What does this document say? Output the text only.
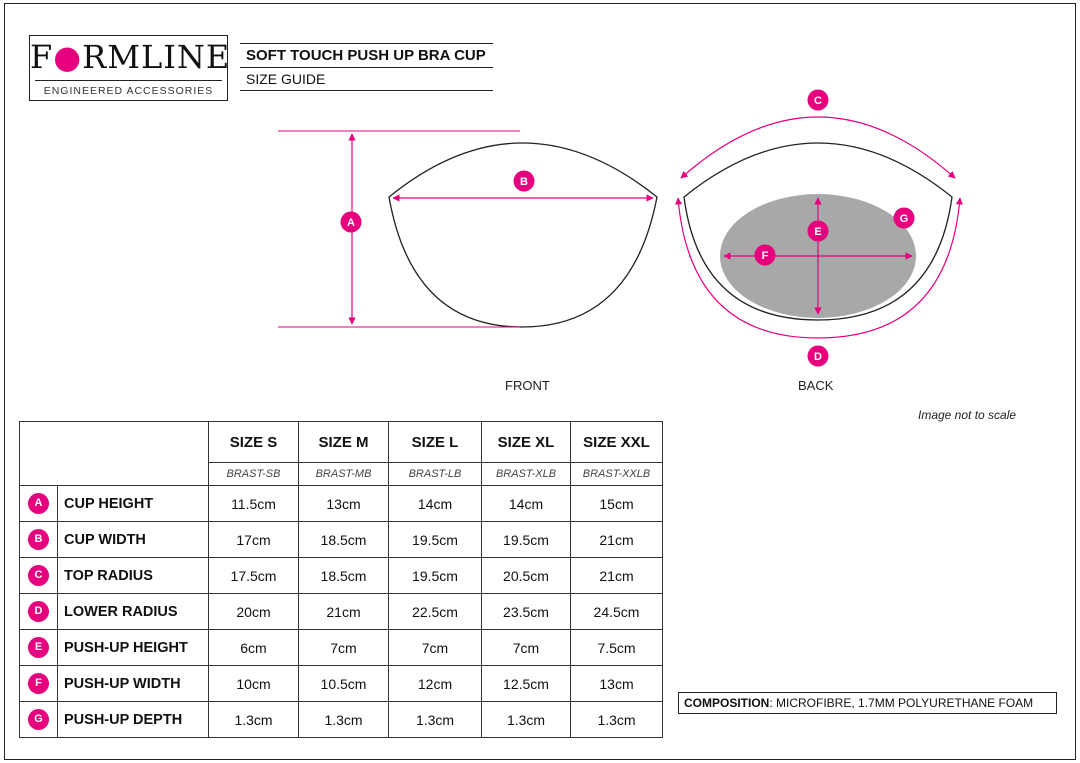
F●RMLINE
ENGINEERED ACCESSORIES
SOFT TOUCH PUSH UP BRA CUP
SIZE GUIDE
A
B
C
D
E
F
G
FRONT	BACK
Image not to scale
		SIZE S	SIZE M	SIZE L	SIZE XL	SIZE XXL
		BRAST-SB	BRAST-MB	BRAST-LB	BRAST-XLB	BRAST-XXLB
A	CUP HEIGHT	11.5cm	13cm	14cm	14cm	15cm
B	CUP WIDTH	17cm	18.5cm	19.5cm	19.5cm	21cm
C	TOP RADIUS	17.5cm	18.5cm	19.5cm	20.5cm	21cm
D	LOWER RADIUS	20cm	21cm	22.5cm	23.5cm	24.5cm
E	PUSH-UP HEIGHT	6cm	7cm	7cm	7cm	7.5cm
F	PUSH-UP WIDTH	10cm	10.5cm	12cm	12.5cm	13cm
G	PUSH-UP DEPTH	1.3cm	1.3cm	1.3cm	1.3cm	1.3cm
COMPOSITION: MICROFIBRE, 1.7MM POLYURETHANE FOAM
